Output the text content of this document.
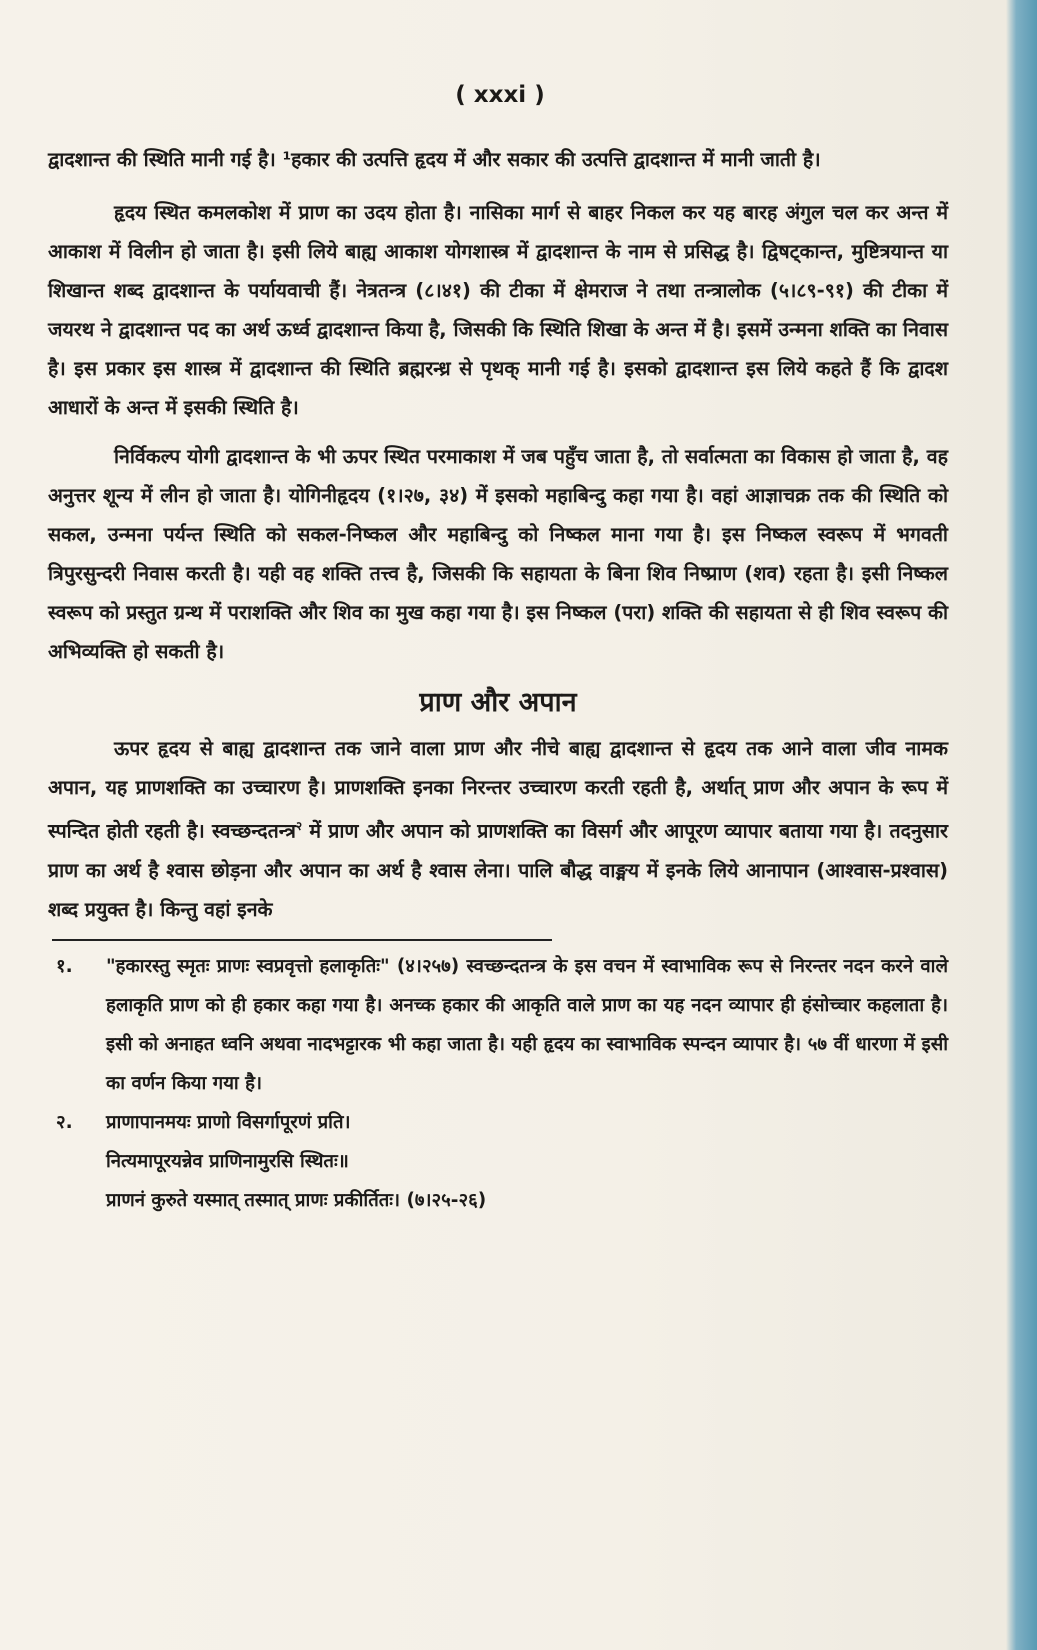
( xxxi )

द्वादशान्त की स्थिति मानी गई है। ¹हकार की उत्पत्ति हृदय में और सकार की उत्पत्ति द्वादशान्त में मानी जाती है।

हृदय स्थित कमलकोश में प्राण का उदय होता है। नासिका मार्ग से बाहर निकल कर यह बारह अंगुल चल कर अन्त में आकाश में विलीन हो जाता है। इसी लिये बाह्य आकाश योगशास्त्र में द्वादशान्त के नाम से प्रसिद्ध है। द्विषट्कान्त, मुष्टित्रयान्त या शिखान्त शब्द द्वादशान्त के पर्यायवाची हैं। नेत्रतन्त्र (८।४१) की टीका में क्षेमराज ने तथा तन्त्रालोक (५।८९-९१) की टीका में जयरथ ने द्वादशान्त पद का अर्थ ऊर्ध्व द्वादशान्त किया है, जिसकी कि स्थिति शिखा के अन्त में है। इसमें उन्मना शक्ति का निवास है। इस प्रकार इस शास्त्र में द्वादशान्त की स्थिति ब्रह्मरन्ध्र से पृथक् मानी गई है। इसको द्वादशान्त इस लिये कहते हैं कि द्वादश आधारों के अन्त में इसकी स्थिति है।

निर्विकल्प योगी द्वादशान्त के भी ऊपर स्थित परमाकाश में जब पहुँच जाता है, तो सर्वात्मता का विकास हो जाता है, वह अनुत्तर शून्य में लीन हो जाता है। योगिनीहृदय (१।२७, ३४) में इसको महाबिन्दु कहा गया है। वहां आज्ञाचक्र तक की स्थिति को सकल, उन्मना पर्यन्त स्थिति को सकल-निष्कल और महाबिन्दु को निष्कल माना गया है। इस निष्कल स्वरूप में भगवती त्रिपुरसुन्दरी निवास करती है। यही वह शक्ति तत्त्व है, जिसकी कि सहायता के बिना शिव निष्प्राण (शव) रहता है। इसी निष्कल स्वरूप को प्रस्तुत ग्रन्थ में पराशक्ति और शिव का मुख कहा गया है। इस निष्कल (परा) शक्ति की सहायता से ही शिव स्वरूप की अभिव्यक्ति हो सकती है।

प्राण और अपान

ऊपर हृदय से बाह्य द्वादशान्त तक जाने वाला प्राण और नीचे बाह्य द्वादशान्त से हृदय तक आने वाला जीव नामक अपान, यह प्राणशक्ति का उच्चारण है। प्राणशक्ति इनका निरन्तर उच्चारण करती रहती है, अर्थात् प्राण और अपान के रूप में स्पन्दित होती रहती है। स्वच्छन्दतन्त्र$^२$ में प्राण और अपान को प्राणशक्ति का विसर्ग और आपूरण व्यापार बताया गया है। तदनुसार प्राण का अर्थ है श्वास छोड़ना और अपान का अर्थ है श्वास लेना। पालि बौद्ध वाङ्मय में इनके लिये आनापान (आश्वास-प्रश्वास) शब्द प्रयुक्त है। किन्तु वहां इनके

१.	"हकारस्तु स्मृतः प्राणः स्वप्रवृत्तो हलाकृतिः" (४।२५७) स्वच्छन्दतन्त्र के इस वचन में स्वाभाविक रूप से निरन्तर नदन करने वाले हलाकृति प्राण को ही हकार कहा गया है। अनच्क हकार की आकृति वाले प्राण का यह नदन व्यापार ही हंसोच्चार कहलाता है। इसी को अनाहत ध्वनि अथवा नादभट्टारक भी कहा जाता है। यही हृदय का स्वाभाविक स्पन्दन व्यापार है। ५७ वीं धारणा में इसी का वर्णन किया गया है।
२.	प्राणापानमयः प्राणो विसर्गापूरणं प्रति।
नित्यमापूरयन्नेव प्राणिनामुरसि स्थितः॥
प्राणनं कुरुते यस्मात् तस्मात् प्राणः प्रकीर्तितः। (७।२५-२६)
